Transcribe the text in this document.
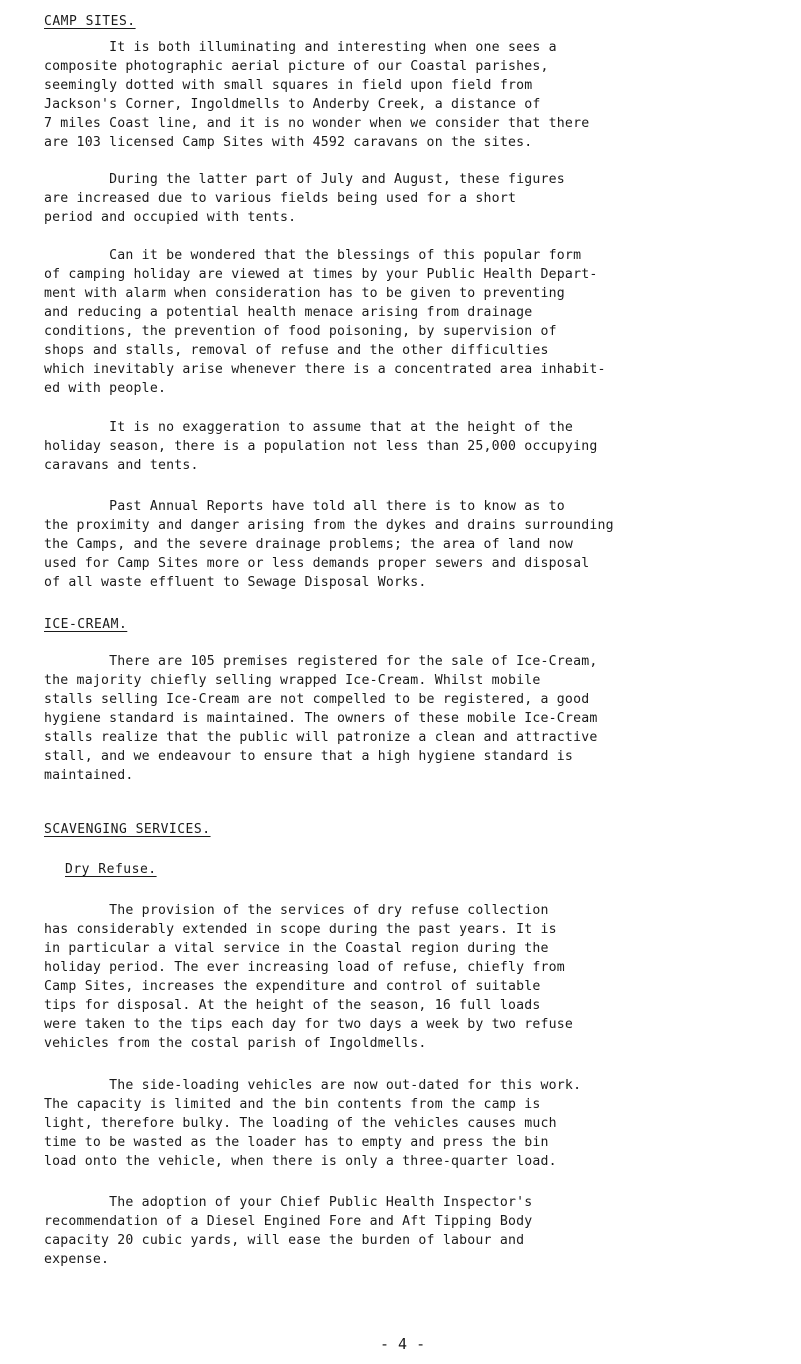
CAMP SITES.
It is both illuminating and interesting when one sees a
composite photographic aerial picture of our Coastal parishes,
seemingly dotted with small squares in field upon field from
Jackson's Corner, Ingoldmells to Anderby Creek, a distance of
7 miles Coast line, and it is no wonder when we consider that there
are 103 licensed Camp Sites with 4592 caravans on the sites.
During the latter part of July and August, these figures
are increased due to various fields being used for a short
period and occupied with tents.
Can it be wondered that the blessings of this popular form
of camping holiday are viewed at times by your Public Health Depart-
ment with alarm when consideration has to be given to preventing
and reducing a potential health menace arising from drainage
conditions, the prevention of food poisoning, by supervision of
shops and stalls, removal of refuse and the other difficulties
which inevitably arise whenever there is a concentrated area inhabit-
ed with people.
It is no exaggeration to assume that at the height of the
holiday season, there is a population not less than 25,000 occupying
caravans and tents.
Past Annual Reports have told all there is to know as to
the proximity and danger arising from the dykes and drains surrounding
the Camps, and the severe drainage problems; the area of land now
used for Camp Sites more or less demands proper sewers and disposal
of all waste effluent to Sewage Disposal Works.
ICE-CREAM.
There are 105 premises registered for the sale of Ice-Cream,
the majority chiefly selling wrapped Ice-Cream. Whilst mobile
stalls selling Ice-Cream are not compelled to be registered, a good
hygiene standard is maintained. The owners of these mobile Ice-Cream
stalls realize that the public will patronize a clean and attractive
stall, and we endeavour to ensure that a high hygiene standard is
maintained.
SCAVENGING SERVICES.
Dry Refuse.
The provision of the services of dry refuse collection
has considerably extended in scope during the past years. It is
in particular a vital service in the Coastal region during the
holiday period. The ever increasing load of refuse, chiefly from
Camp Sites, increases the expenditure and control of suitable
tips for disposal. At the height of the season, 16 full loads
were taken to the tips each day for two days a week by two refuse
vehicles from the costal parish of Ingoldmells.
The side-loading vehicles are now out-dated for this work.
The capacity is limited and the bin contents from the camp is
light, therefore bulky. The loading of the vehicles causes much
time to be wasted as the loader has to empty and press the bin
load onto the vehicle, when there is only a three-quarter load.
The adoption of your Chief Public Health Inspector's
recommendation of a Diesel Engined Fore and Aft Tipping Body
capacity 20 cubic yards, will ease the burden of labour and
expense.
- 4 -
